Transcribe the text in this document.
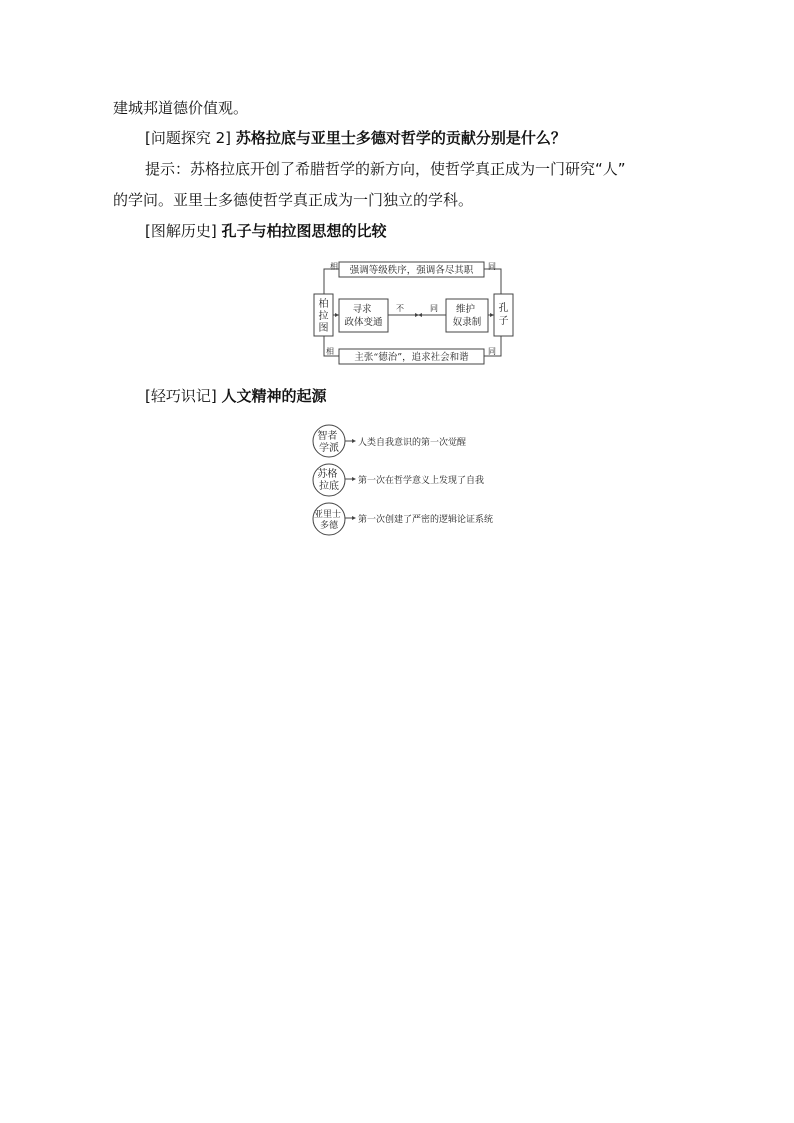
建城邦道德价值观。
[问题探究 2] 苏格拉底与亚里士多德对哲学的贡献分别是什么？
提示：苏格拉底开创了希腊哲学的新方向，使哲学真正成为一门研究“人”
的学问。亚里士多德使哲学真正成为一门独立的学科。
[图解历史] 孔子与柏拉图思想的比较
柏拉图
孔子
强调等级秩序，强调各尽其职
主张“德治”，追求社会和谐
寻求 政体变通
维护 奴隶制
相	同
相	同
不	同
[轻巧识记] 人文精神的起源
智者 学派 人类自我意识的第一次觉醒
苏格 拉底 第一次在哲学意义上发现了自我
亚里士 多德
第一次创建了严密的逻辑论证系统
